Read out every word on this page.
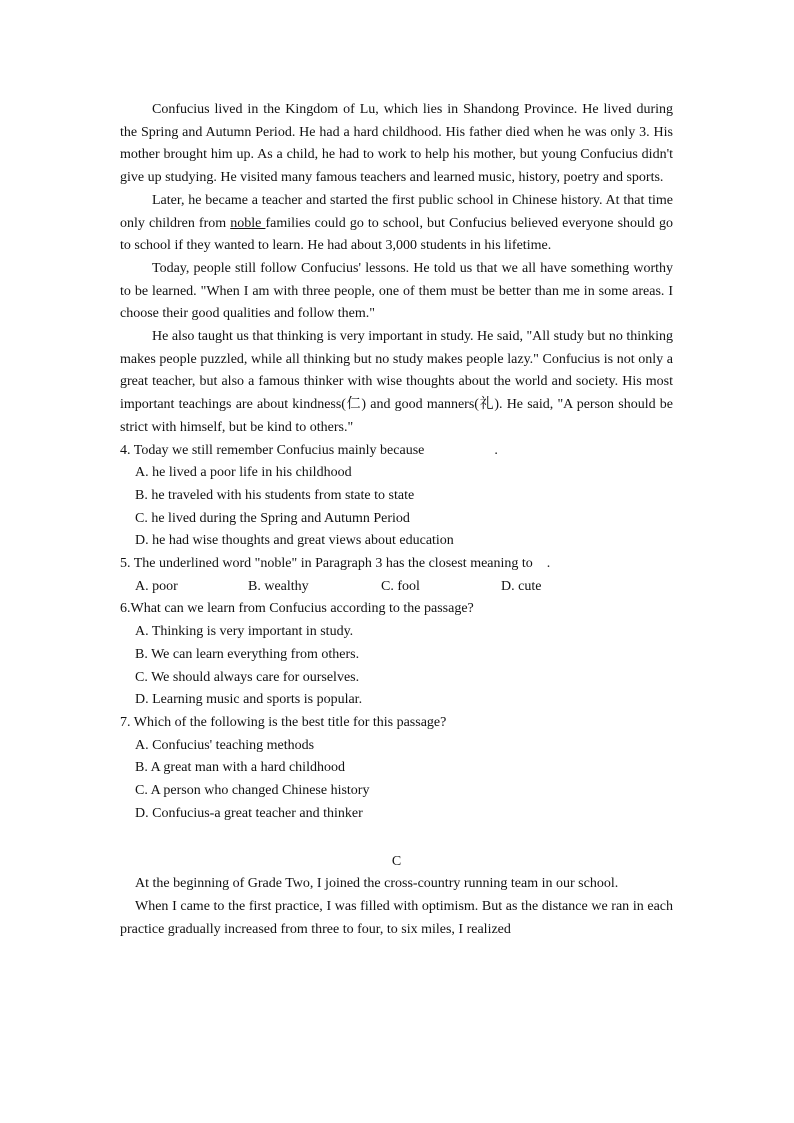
Confucius lived in the Kingdom of Lu, which lies in Shandong Province. He lived during the Spring and Autumn Period. He had a hard childhood. His father died when he was only 3. His mother brought him up. As a child, he had to work to help his mother, but young Confucius didn't give up studying. He visited many famous teachers and learned music, history, poetry and sports.

Later, he became a teacher and started the first public school in Chinese history. At that time only children from noble families could go to school, but Confucius believed everyone should go to school if they wanted to learn. He had about 3,000 students in his lifetime.

Today, people still follow Confucius' lessons. He told us that we all have something worthy to be learned. "When I am with three people, one of them must be better than me in some areas. I choose their good qualities and follow them."

He also taught us that thinking is very important in study. He said, "All study but no thinking makes people puzzled, while all thinking but no study makes people lazy." Confucius is not only a great teacher, but also a famous thinker with wise thoughts about the world and society. His most important teachings are about kindness(仁) and good manners(礼). He said, "A person should be strict with himself, but be kind to others."

4. Today we still remember Confucius mainly because	.

A. he lived a poor life in his childhood

B. he traveled with his students from state to state

C. he lived during the Spring and Autumn Period

D. he had wise thoughts and great views about education

5. The underlined word "noble" in Paragraph 3 has the closest meaning to .

A. poor	B. wealthy	C. fool	D. cute

6.What can we learn from Confucius according to the passage?

A. Thinking is very important in study.

B. We can learn everything from others.

C. We should always care for ourselves.

D. Learning music and sports is popular.

7. Which of the following is the best title for this passage?

A. Confucius' teaching methods

B. A great man with a hard childhood

C. A person who changed Chinese history

D. Confucius-a great teacher and thinker

C

At the beginning of Grade Two, I joined the cross-country running team in our school.

When I came to the first practice, I was filled with optimism. But as the distance we ran in each practice gradually increased from three to four, to six miles, I realized
